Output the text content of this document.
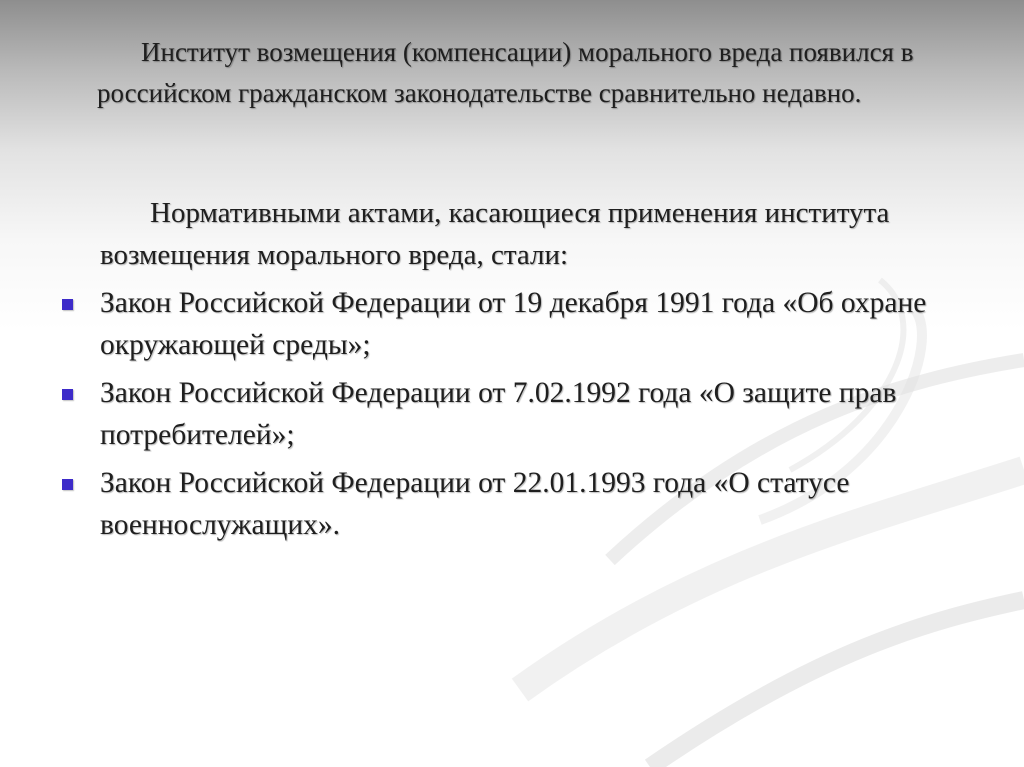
Институт возмещения (компенсации) морального вреда появился в российском гражданском законодательстве сравнительно недавно.
Нормативными актами, касающиеся применения института возмещения морального вреда, стали:
Закон Российской Федерации от 19 декабря 1991 года «Об охране окружающей среды»;
Закон Российской Федерации от 7.02.1992 года «О защите прав потребителей»;
Закон Российской Федерации от 22.01.1993 года «О статусе военнослужащих».
